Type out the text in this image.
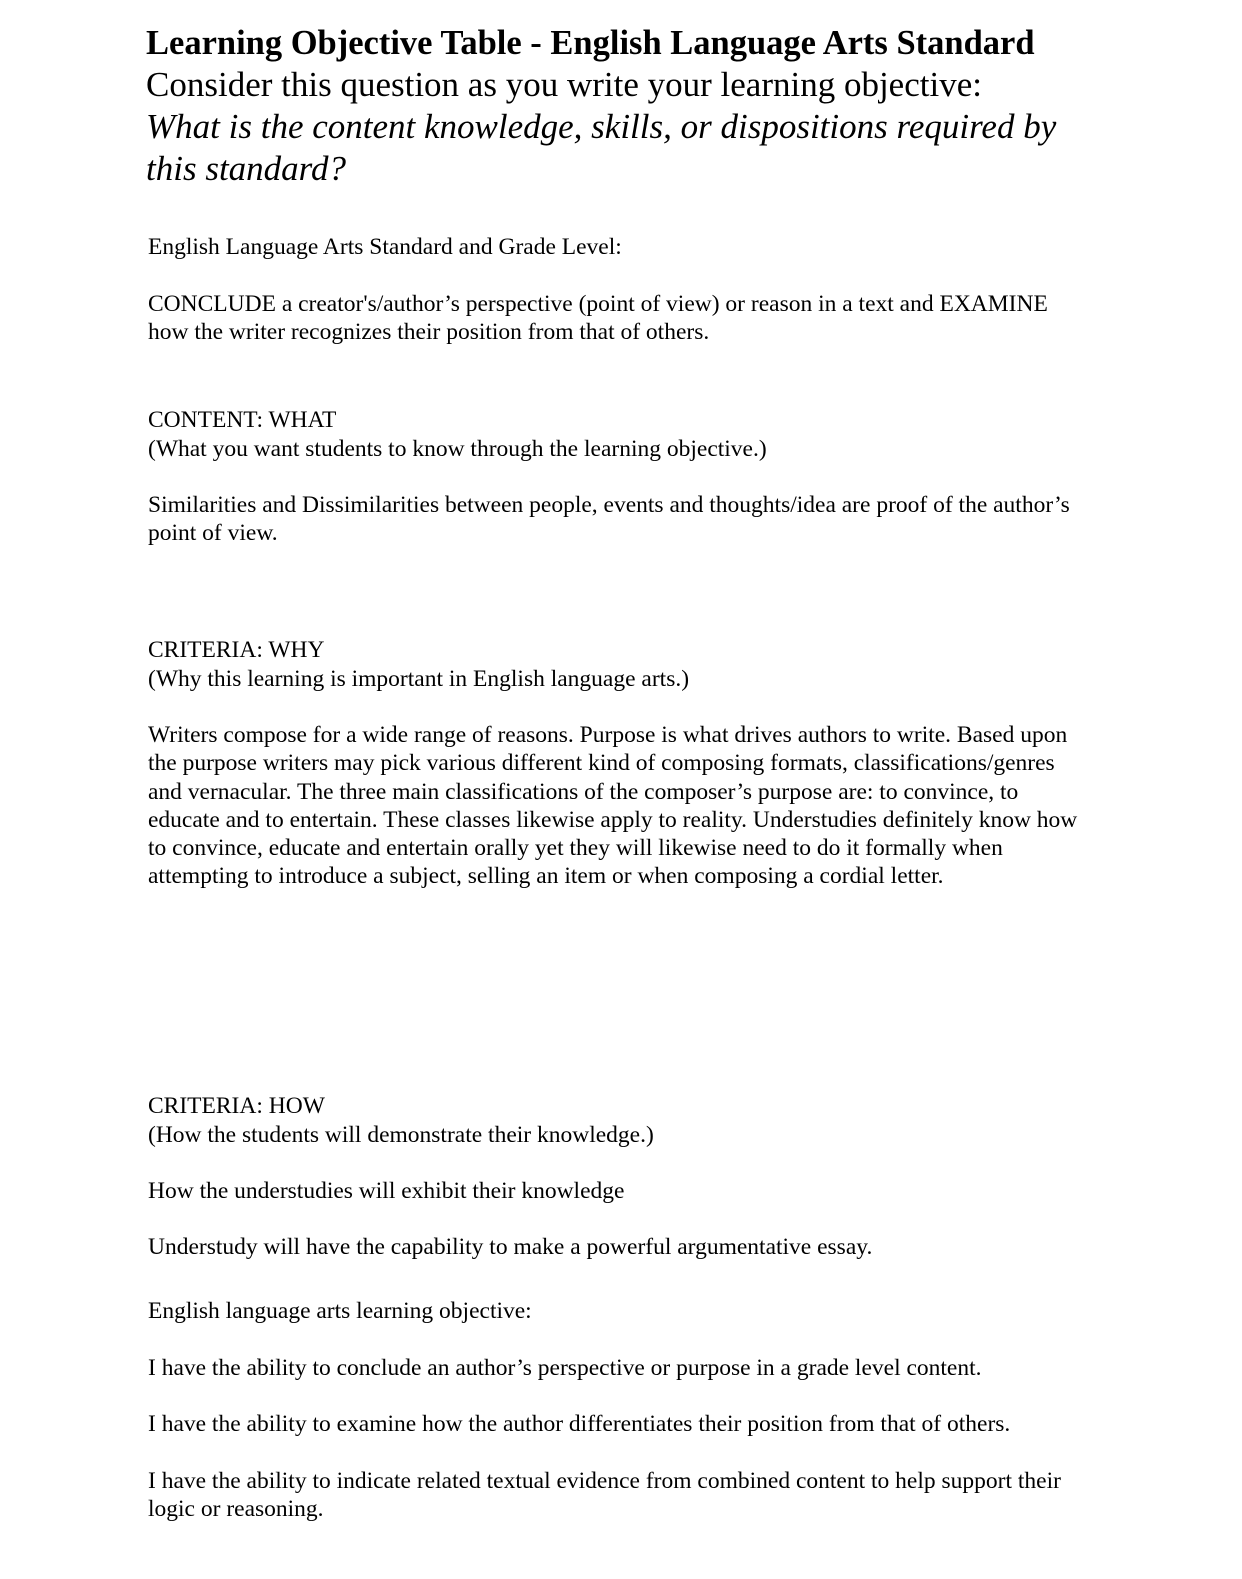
Learning Objective Table - English Language Arts Standard

Consider this question as you write your learning objective:

What is the content knowledge, skills, or dispositions required by this standard?

English Language Arts Standard and Grade Level:

CONCLUDE a creator's/author’s perspective (point of view) or reason in a text and EXAMINE how the writer recognizes their position from that of others.

CONTENT: WHAT

(What you want students to know through the learning objective.)

Similarities and Dissimilarities between people, events and thoughts/idea are proof of the author’s point of view.

CRITERIA: WHY

(Why this learning is important in English language arts.)

Writers compose for a wide range of reasons. Purpose is what drives authors to write. Based upon the purpose writers may pick various different kind of composing formats, classifications/genres and vernacular. The three main classifications of the composer’s purpose are: to convince, to educate and to entertain. These classes likewise apply to reality. Understudies definitely know how to convince, educate and entertain orally yet they will likewise need to do it formally when attempting to introduce a subject, selling an item or when composing a cordial letter.

CRITERIA: HOW

(How the students will demonstrate their knowledge.)

How the understudies will exhibit their knowledge

Understudy will have the capability to make a powerful argumentative essay.

English language arts learning objective:

I have the ability to conclude an author’s perspective or purpose in a grade level content.

I have the ability to examine how the author differentiates their position from that of others.

I have the ability to indicate related textual evidence from combined content to help support their logic or reasoning.
